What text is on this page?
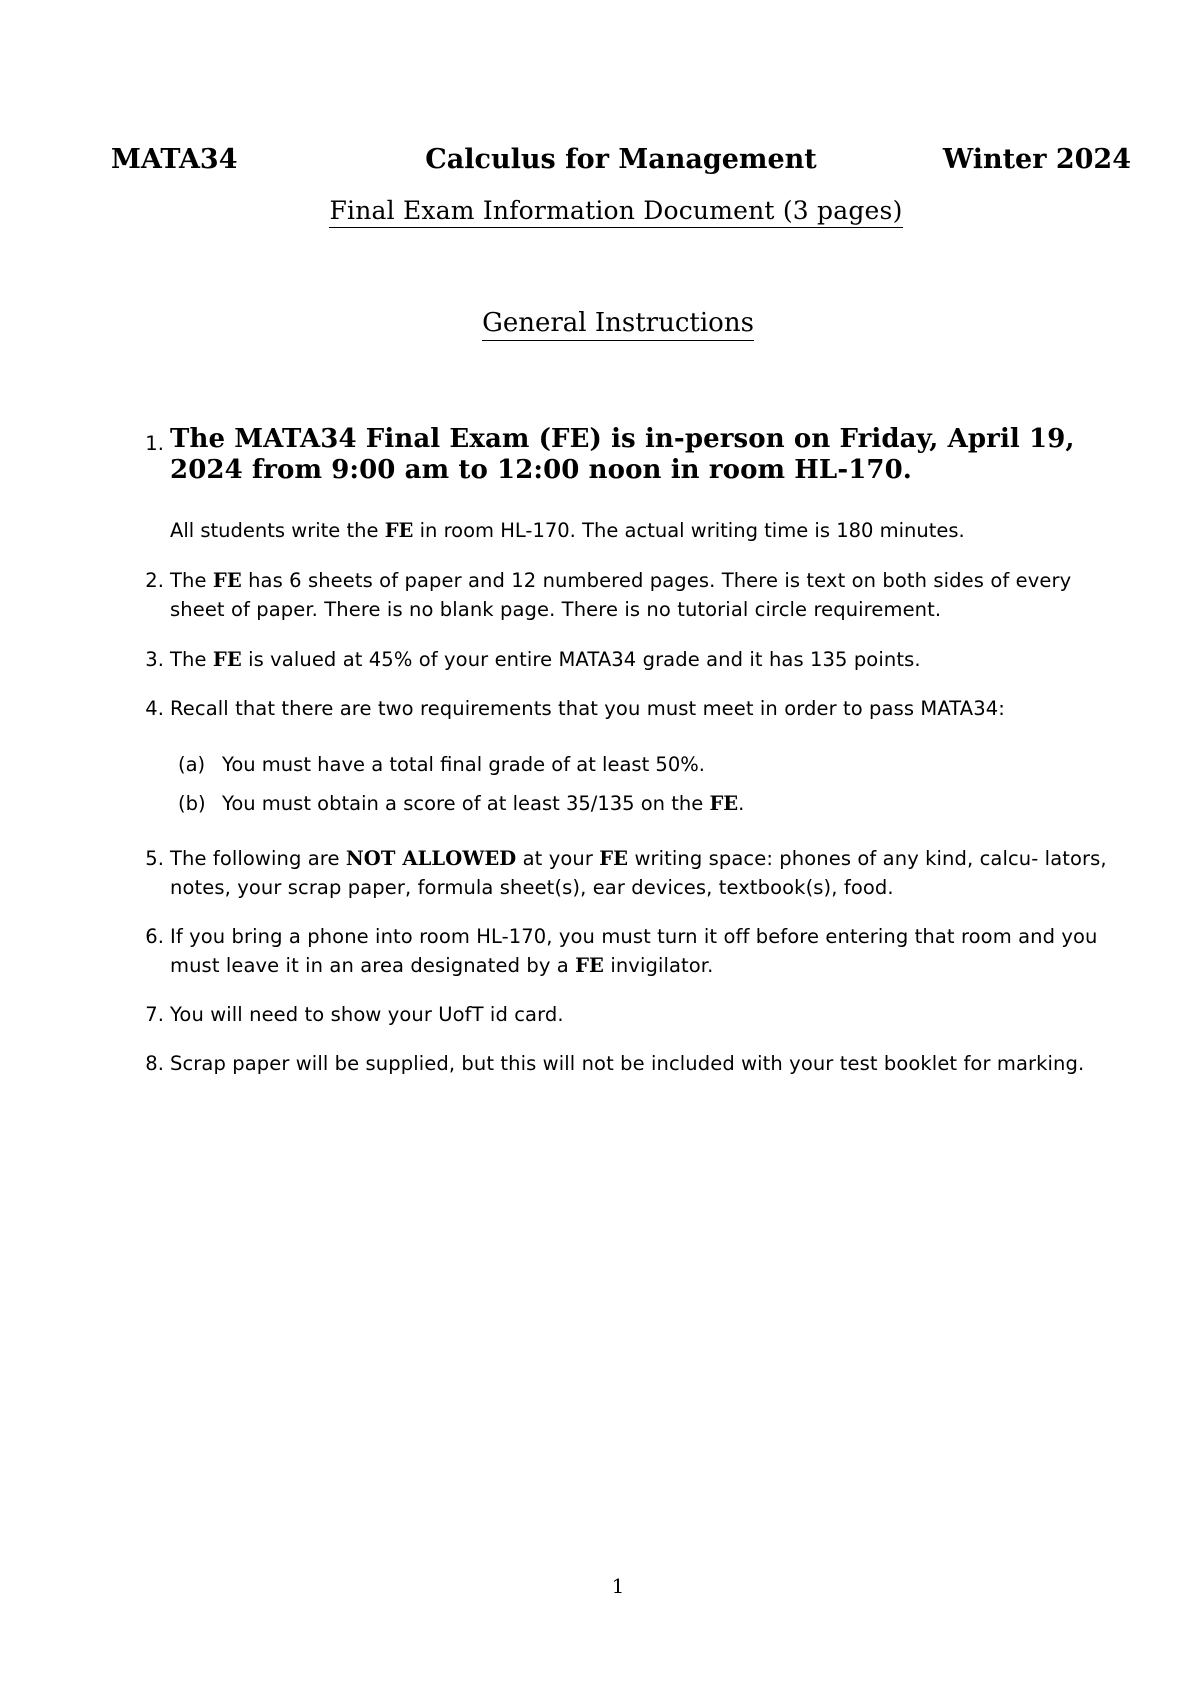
MATA34	Calculus for Management	Winter 2024
Final Exam Information Document (3 pages)
General Instructions
1. The MATA34 Final Exam (FE) is in-person on Friday, April 19, 2024 from 9:00 am to 12:00 noon in room HL-170.
All students write the FE in room HL-170. The actual writing time is 180 minutes.
2. The FE has 6 sheets of paper and 12 numbered pages. There is text on both sides of every sheet of paper. There is no blank page. There is no tutorial circle requirement.
3. The FE is valued at 45% of your entire MATA34 grade and it has 135 points.
4. Recall that there are two requirements that you must meet in order to pass MATA34:
(a) You must have a total final grade of at least 50%.
(b) You must obtain a score of at least 35/135 on the FE.
5. The following are NOT ALLOWED at your FE writing space: phones of any kind, calcu- lators, notes, your scrap paper, formula sheet(s), ear devices, textbook(s), food.
6. If you bring a phone into room HL-170, you must turn it off before entering that room and you must leave it in an area designated by a FE invigilator.
7. You will need to show your UofT id card.
8. Scrap paper will be supplied, but this will not be included with your test booklet for marking.
1
